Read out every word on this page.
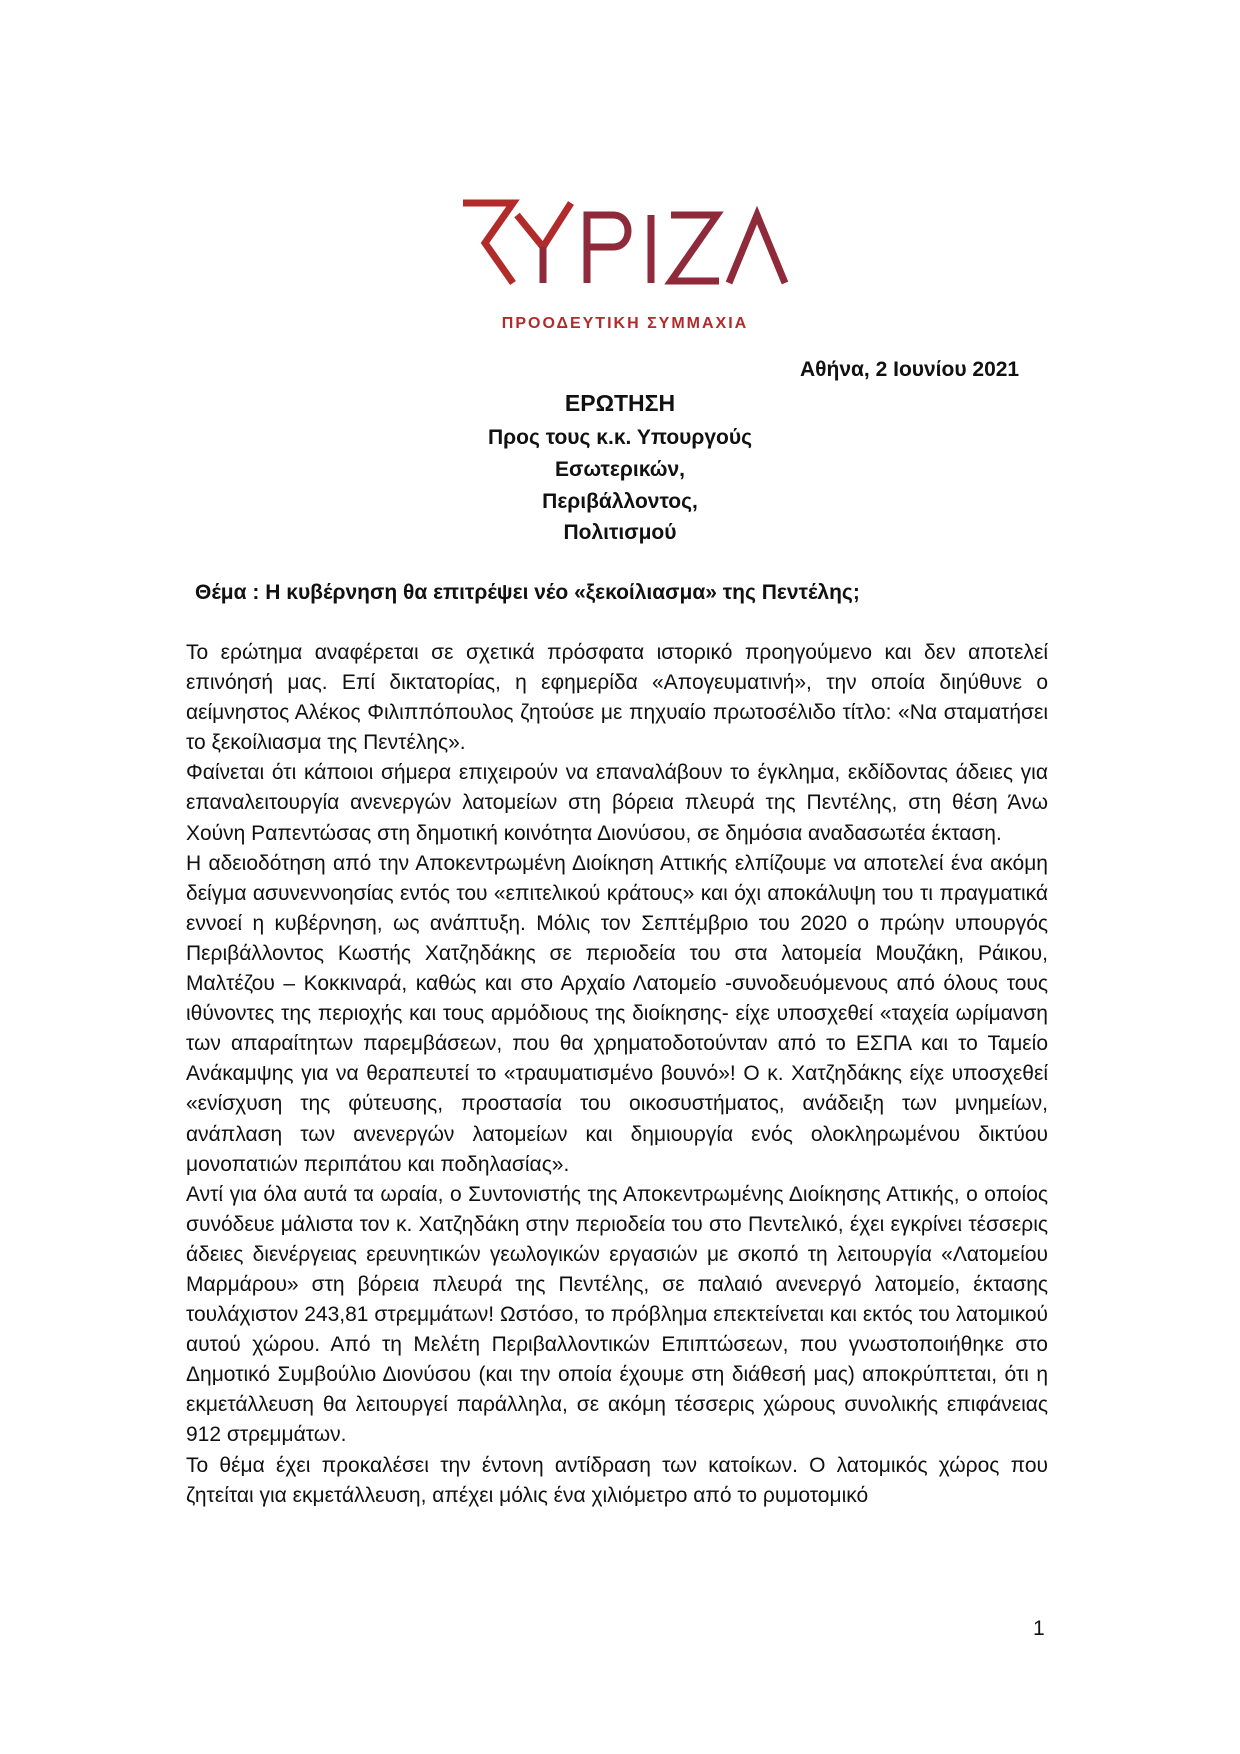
ΠΡΟΟΔΕΥΤΙΚΗ ΣΥΜΜΑΧΙΑ
Αθήνα, 2 Ιουνίου 2021
ΕΡΩΤΗΣΗ
Προς τους κ.κ. Υπουργούς
Εσωτερικών,
Περιβάλλοντος,
Πολιτισμού
Θέμα : Η κυβέρνηση θα επιτρέψει νέο «ξεκοίλιασμα» της Πεντέλης;

Το ερώτημα αναφέρεται σε σχετικά πρόσφατα ιστορικό προηγούμενο και δεν αποτελεί επινόησή μας. Επί δικτατορίας, η εφημερίδα «Απογευματινή», την οποία διηύθυνε ο αείμνηστος Αλέκος Φιλιππόπουλος ζητούσε με πηχυαίο πρωτοσέλιδο τίτλο: «Να σταματήσει το ξεκοίλιασμα της Πεντέλης».

Φαίνεται ότι κάποιοι σήμερα επιχειρούν να επαναλάβουν το έγκλημα, εκδίδοντας άδειες για επαναλειτουργία ανενεργών λατομείων στη βόρεια πλευρά της Πεντέλης, στη θέση Άνω Χούνη Ραπεντώσας στη δημοτική κοινότητα Διονύσου, σε δημόσια αναδασωτέα έκταση.

Η αδειοδότηση από την Αποκεντρωμένη Διοίκηση Αττικής ελπίζουμε να αποτελεί ένα ακόμη δείγμα ασυνεννοησίας εντός του «επιτελικού κράτους» και όχι αποκάλυψη του τι πραγματικά εννοεί η κυβέρνηση, ως ανάπτυξη. Μόλις τον Σεπτέμβριο του 2020 ο πρώην υπουργός Περιβάλλοντος Κωστής Χατζηδάκης σε περιοδεία του στα λατομεία Μουζάκη, Ράικου, Μαλτέζου – Κοκκιναρά, καθώς και στο Αρχαίο Λατομείο -συνοδευόμενους από όλους τους ιθύνοντες της περιοχής και τους αρμόδιους της διοίκησης- είχε υποσχεθεί «ταχεία ωρίμανση των απαραίτητων παρεμβάσεων, που θα χρηματοδοτούνταν από το ΕΣΠΑ και το Ταμείο Ανάκαμψης για να θεραπευτεί το «τραυματισμένο βουνό»! Ο κ. Χατζηδάκης είχε υποσχεθεί «ενίσχυση της φύτευσης, προστασία του οικοσυστήματος, ανάδειξη των μνημείων, ανάπλαση των ανενεργών λατομείων και δημιουργία ενός ολοκληρωμένου δικτύου μονοπατιών περιπάτου και ποδηλασίας».

Αντί για όλα αυτά τα ωραία, ο Συντονιστής της Αποκεντρωμένης Διοίκησης Αττικής, ο οποίος συνόδευε μάλιστα τον κ. Χατζηδάκη στην περιοδεία του στο Πεντελικό, έχει εγκρίνει τέσσερις άδειες διενέργειας ερευνητικών γεωλογικών εργασιών με σκοπό τη λειτουργία «Λατομείου Μαρμάρου» στη βόρεια πλευρά της Πεντέλης, σε παλαιό ανενεργό λατομείο, έκτασης τουλάχιστον 243,81 στρεμμάτων! Ωστόσο, το πρόβλημα επεκτείνεται και εκτός του λατομικού αυτού χώρου. Από τη Μελέτη Περιβαλλοντικών Επιπτώσεων, που γνωστοποιήθηκε στο Δημοτικό Συμβούλιο Διονύσου (και την οποία έχουμε στη διάθεσή μας) αποκρύπτεται, ότι η εκμετάλλευση θα λειτουργεί παράλληλα, σε ακόμη τέσσερις χώρους συνολικής επιφάνειας 912 στρεμμάτων.

Το θέμα έχει προκαλέσει την έντονη αντίδραση των κατοίκων. Ο λατομικός χώρος που ζητείται για εκμετάλλευση, απέχει μόλις ένα χιλιόμετρο από το ρυμοτομικό

1
